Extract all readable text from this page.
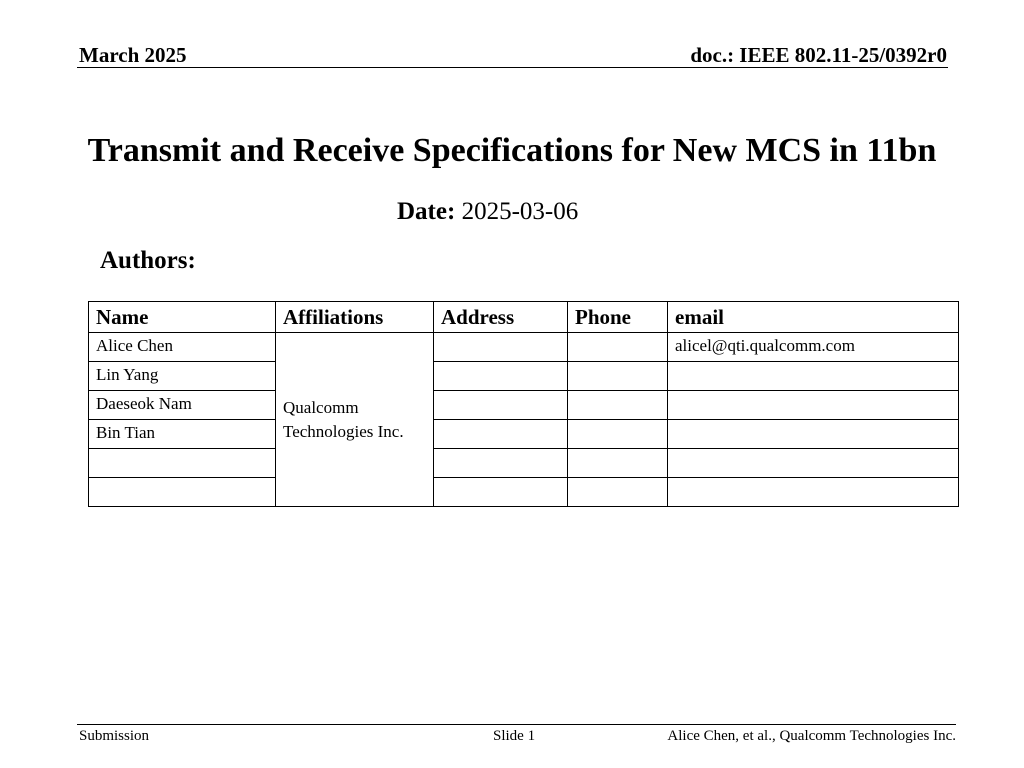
March 2025	doc.: IEEE 802.11-25/0392r0
Transmit and Receive Specifications for New MCS in 11bn
Date: 2025-03-06
Authors:
Name	Affiliations	Address	Phone	email
Alice Chen	Qualcomm Technologies Inc.			alicel@qti.qualcomm.com
Lin Yang				
Daeseok Nam				
Bin Tian				

Submission	Slide 1	Alice Chen, et al., Qualcomm Technologies Inc.
